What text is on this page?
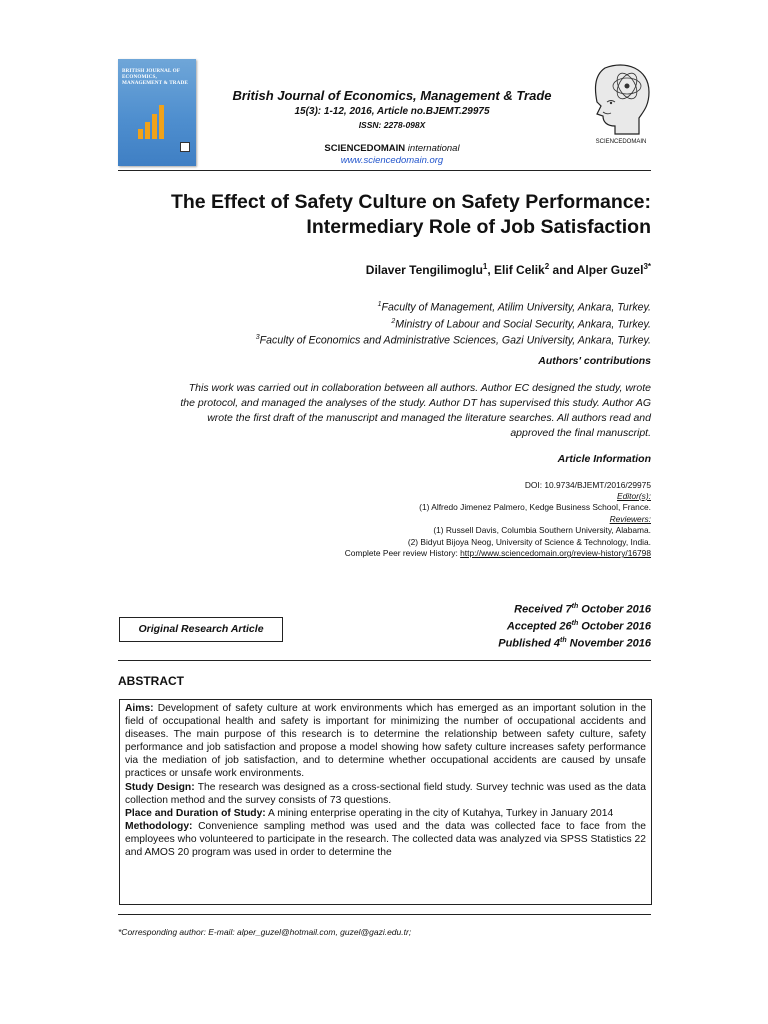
BRITISH JOURNAL OF ECONOMICS, MANAGEMENT & TRADE
British Journal of Economics, Management & Trade
15(3): 1-12, 2016, Article no.BJEMT.29975
ISSN: 2278-098X
SCIENCEDOMAIN international
www.sciencedomain.org
SCIENCEDOMAIN
The Effect of Safety Culture on Safety Performance:
Intermediary Role of Job Satisfaction
Dilaver Tengilimoglu$^1$, Elif Celik$^2$ and Alper Guzel$^{3*}$
$^1$Faculty of Management, Atilim University, Ankara, Turkey.
$^2$Ministry of Labour and Social Security, Ankara, Turkey.
$^3$Faculty of Economics and Administrative Sciences, Gazi University, Ankara, Turkey.
Authors' contributions
This work was carried out in collaboration between all authors. Author EC designed the study, wrote
the protocol, and managed the analyses of the study. Author DT has supervised this study. Author AG
wrote the first draft of the manuscript and managed the literature searches. All authors read and
approved the final manuscript.
Article Information
DOI: 10.9734/BJEMT/2016/29975
Editor(s):
(1) Alfredo Jimenez Palmero, Kedge Business School, France.
Reviewers:
(1) Russell Davis, Columbia Southern University, Alabama.
(2) Bidyut Bijoya Neog, University of Science & Technology, India.
Complete Peer review History: http://www.sciencedomain.org/review-history/16798
Original Research Article
Received 7th October 2016
Accepted 26th October 2016
Published 4th November 2016
ABSTRACT
Aims: Development of safety culture at work environments which has emerged as an important solution in the field of occupational health and safety is important for minimizing the number of occupational accidents and diseases. The main purpose of this research is to determine the relationship between safety culture, safety performance and job satisfaction and propose a model showing how safety culture increases safety performance via the mediation of job satisfaction, and to determine whether occupational accidents are caused by unsafe practices or unsafe work environments.
Study Design: The research was designed as a cross-sectional field study. Survey technic was used as the data collection method and the survey consists of 73 questions.
Place and Duration of Study: A mining enterprise operating in the city of Kutahya, Turkey in January 2014
Methodology: Convenience sampling method was used and the data was collected face to face from the employees who volunteered to participate in the research. The collected data was analyzed via SPSS Statistics 22 and AMOS 20 program was used in order to determine the
*Corresponding author: E-mail: alper_guzel@hotmail.com, guzel@gazi.edu.tr;
